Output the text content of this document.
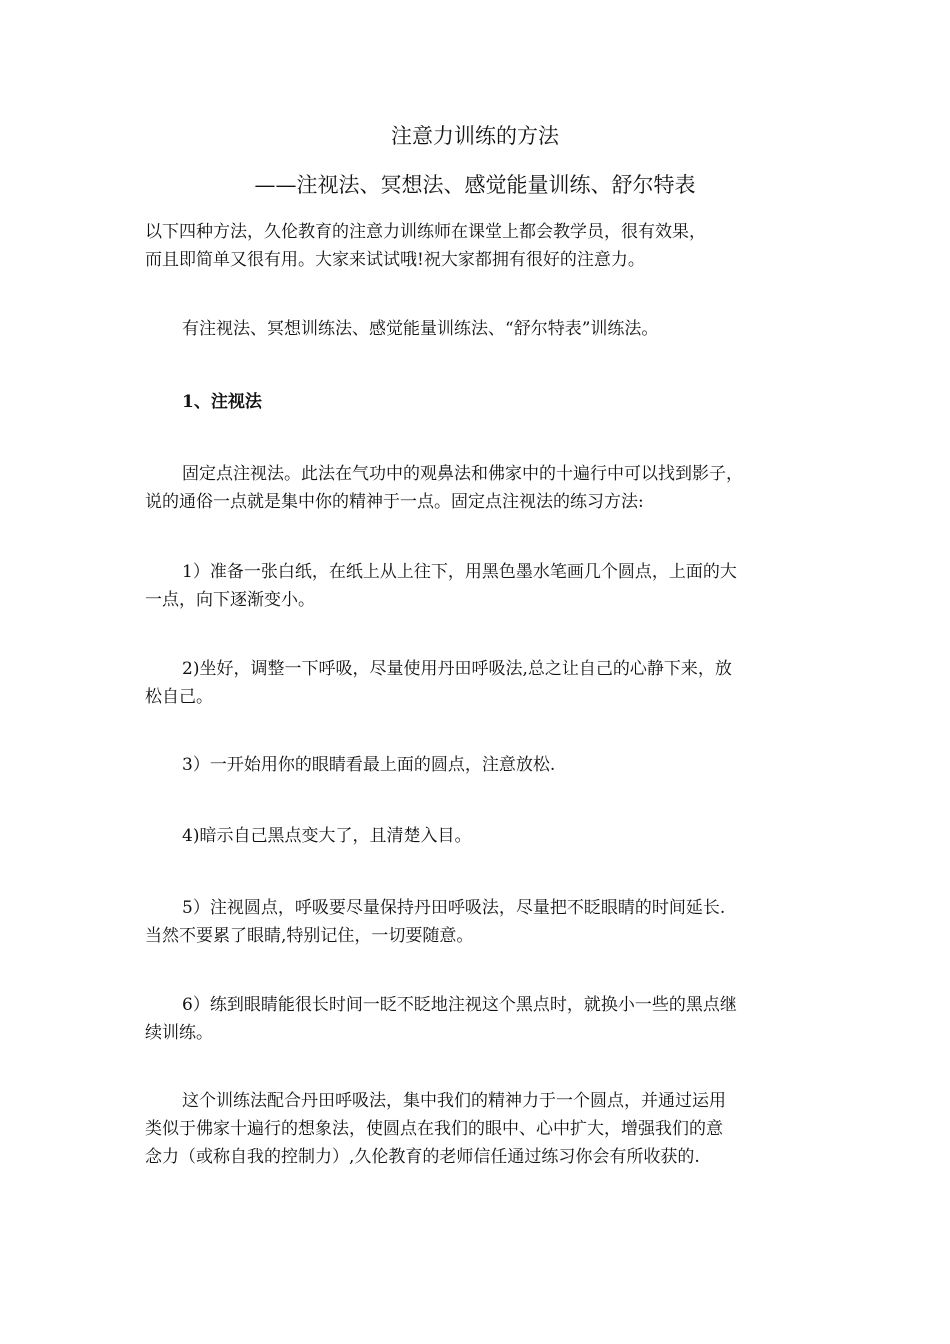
注意力训练的方法
——注视法、冥想法、感觉能量训练、舒尔特表
以下四种方法，久伦教育的注意力训练师在课堂上都会教学员，很有效果，
而且即简单又很有用。大家来试试哦!祝大家都拥有很好的注意力。
有注视法、冥想训练法、感觉能量训练法、“舒尔特表”训练法。
1、注视法
固定点注视法。此法在气功中的观鼻法和佛家中的十遍行中可以找到影子，
说的通俗一点就是集中你的精神于一点。固定点注视法的练习方法:
1）准备一张白纸，在纸上从上往下，用黑色墨水笔画几个圆点，上面的大
一点，向下逐渐变小。
2)坐好，调整一下呼吸，尽量使用丹田呼吸法,总之让自己的心静下来，放
松自己。
3）一开始用你的眼睛看最上面的圆点，注意放松.
4)暗示自己黑点变大了，且清楚入目。
5）注视圆点，呼吸要尽量保持丹田呼吸法，尽量把不眨眼睛的时间延长.
当然不要累了眼睛,特别记住，一切要随意。
6）练到眼睛能很长时间一眨不眨地注视这个黑点时，就换小一些的黑点继
续训练。
这个训练法配合丹田呼吸法，集中我们的精神力于一个圆点，并通过运用
类似于佛家十遍行的想象法，使圆点在我们的眼中、心中扩大，增强我们的意
念力（或称自我的控制力）,久伦教育的老师信任通过练习你会有所收获的.
